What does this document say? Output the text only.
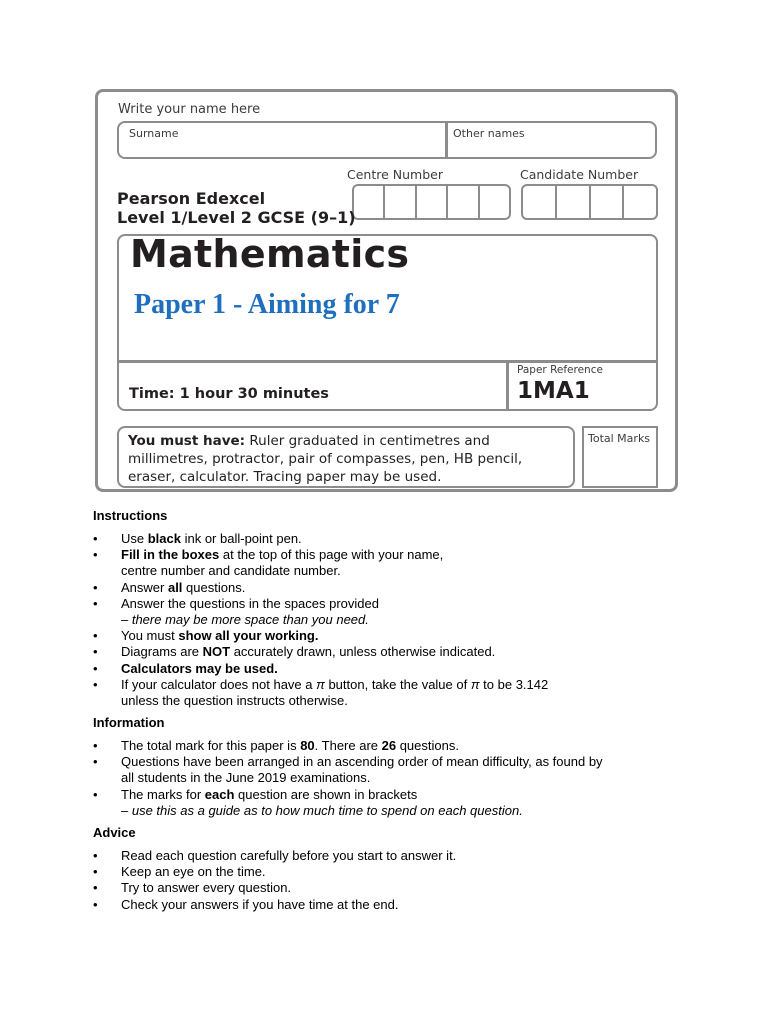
Write your name here
Surname	Other names
Centre Number	Candidate Number
Pearson Edexcel
Level 1/Level 2 GCSE (9–1)
Mathematics
Paper 1 - Aiming for 7
Time: 1 hour 30 minutes
Paper Reference
1MA1
You must have: Ruler graduated in centimetres and millimetres, protractor, pair of compasses, pen, HB pencil, eraser, calculator. Tracing paper may be used.
Total Marks
Instructions
• Use black ink or ball-point pen.
• Fill in the boxes at the top of this page with your name,
centre number and candidate number.
• Answer all questions.
• Answer the questions in the spaces provided
– there may be more space than you need.
• You must show all your working.
• Diagrams are NOT accurately drawn, unless otherwise indicated.
• Calculators may be used.
• If your calculator does not have a π button, take the value of π to be 3.142
unless the question instructs otherwise.
Information
• The total mark for this paper is 80. There are 26 questions.
• Questions have been arranged in an ascending order of mean difficulty, as found by
all students in the June 2019 examinations.
• The marks for each question are shown in brackets
– use this as a guide as to how much time to spend on each question.
Advice
• Read each question carefully before you start to answer it.
• Keep an eye on the time.
• Try to answer every question.
• Check your answers if you have time at the end.
